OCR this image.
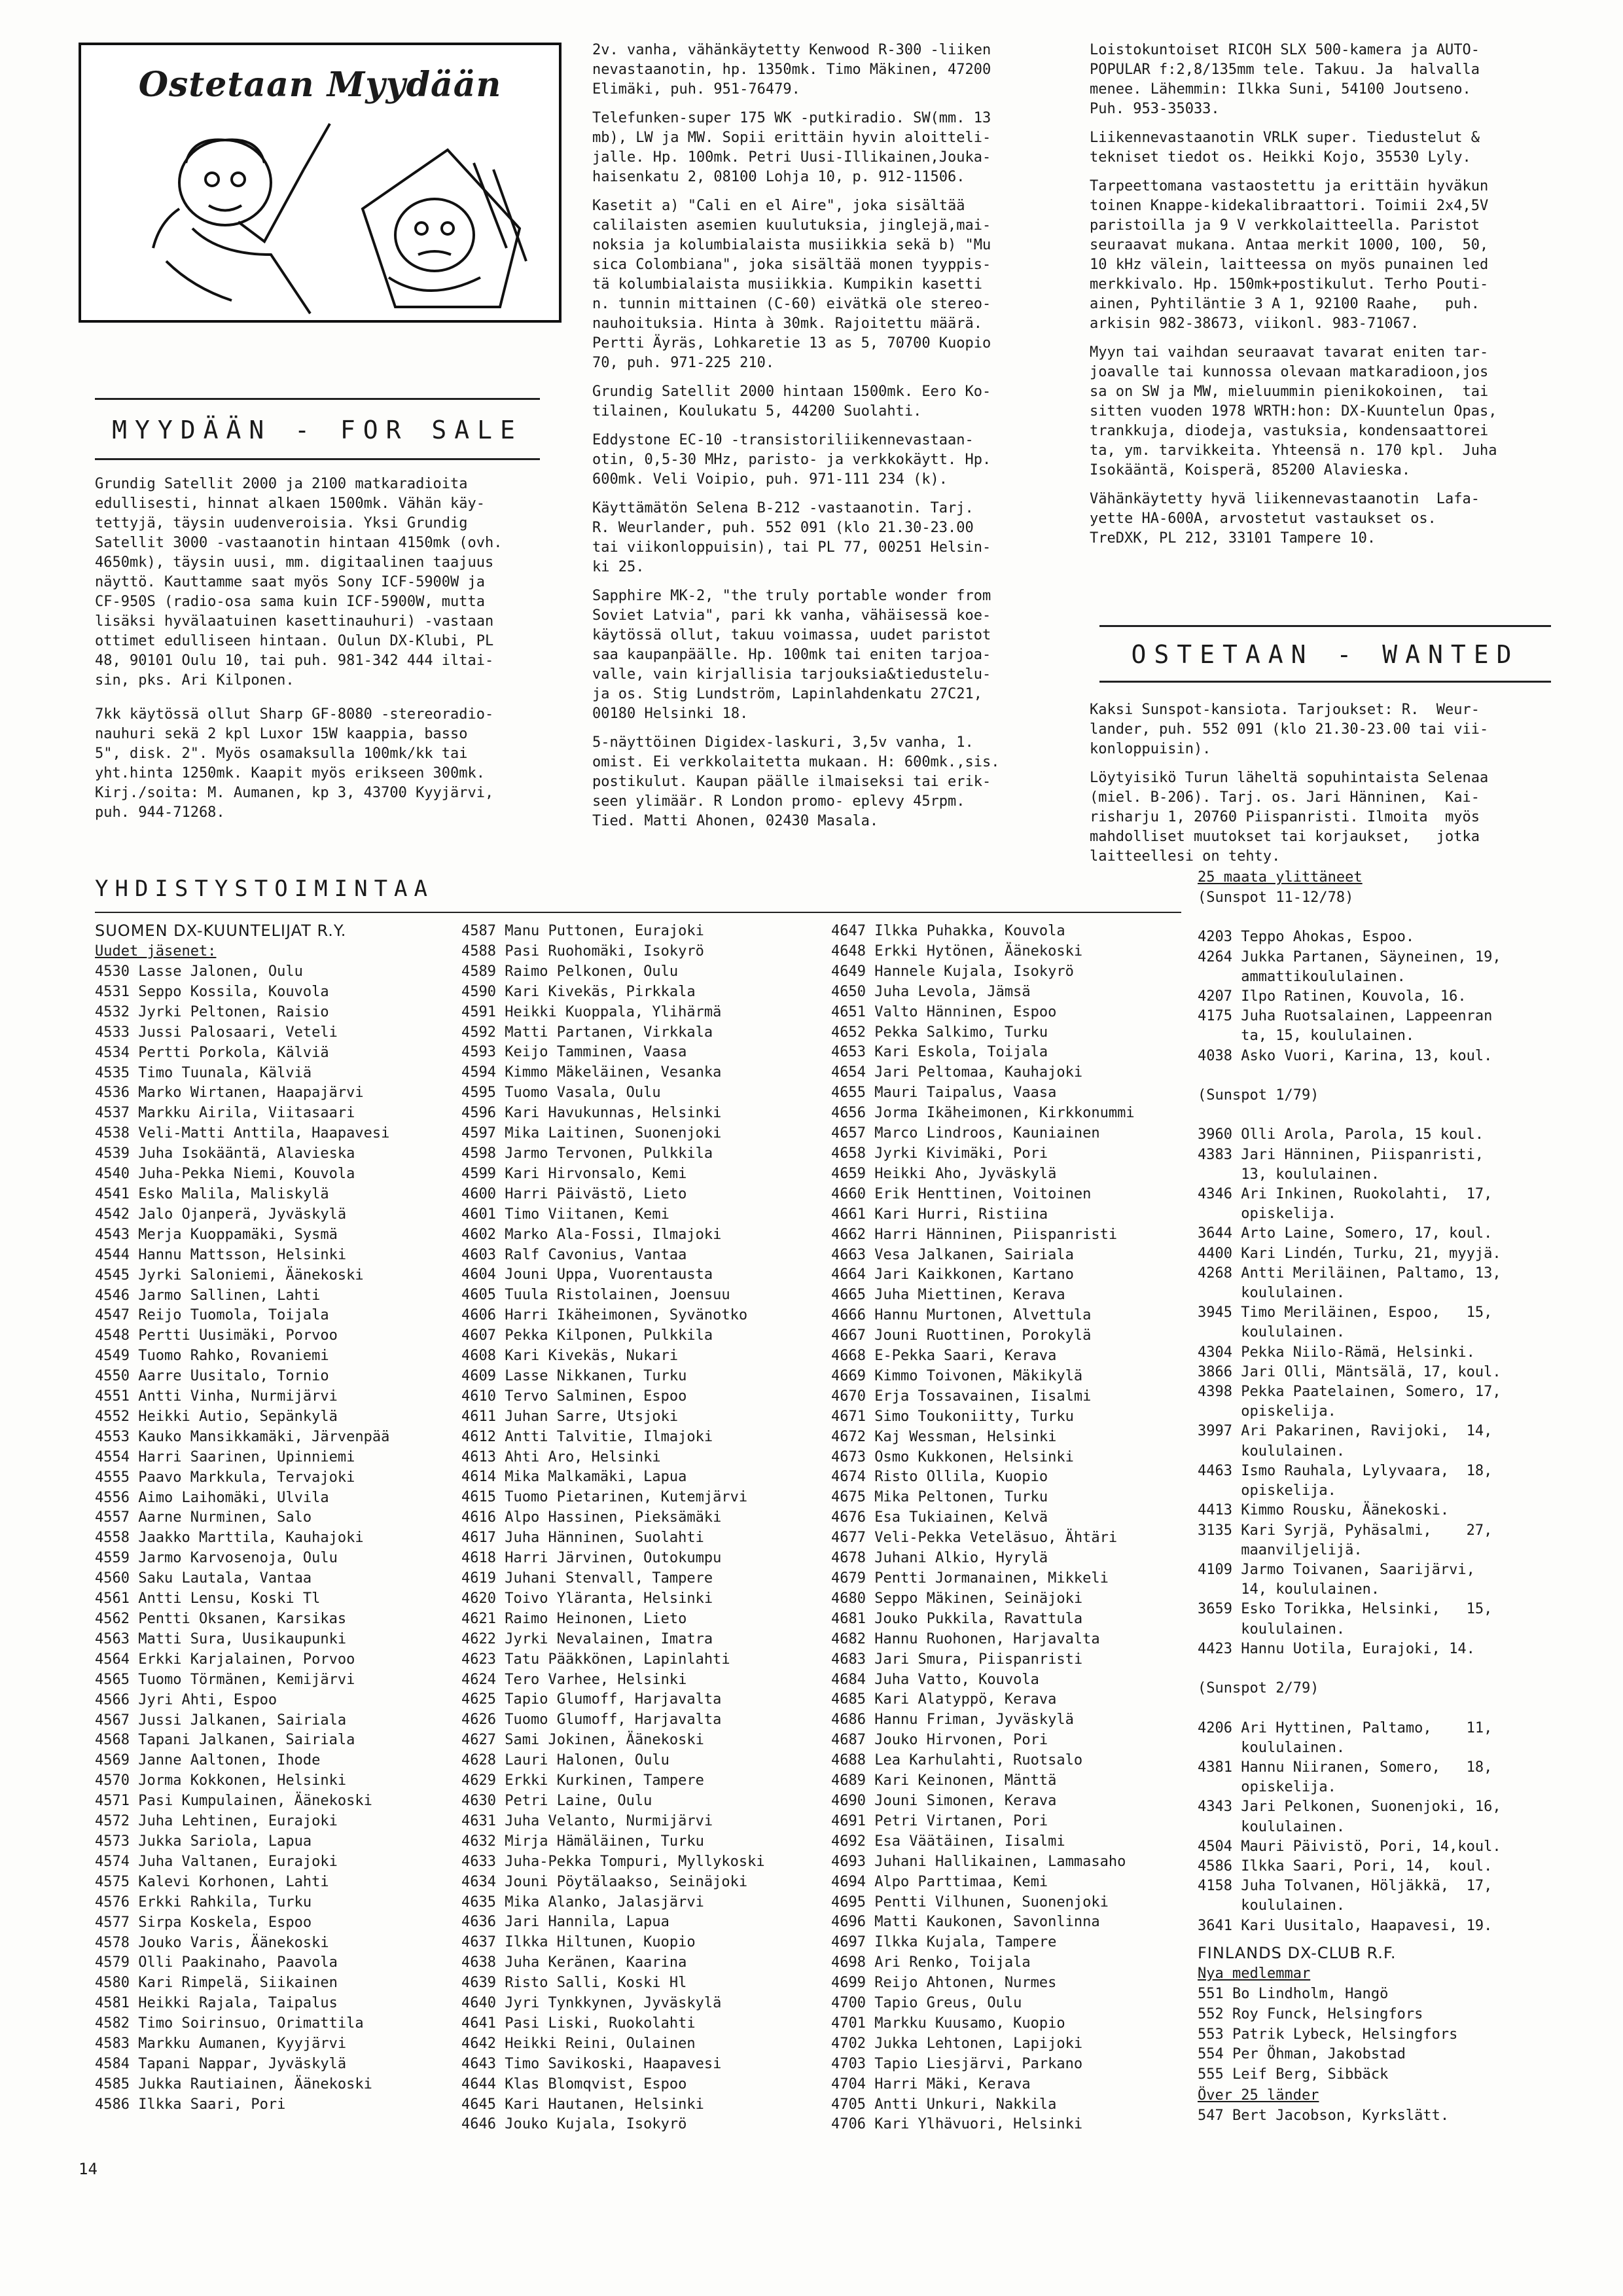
Ostetaan Myydään
MYYDÄÄN - FOR SALE

Grundig Satellit 2000 ja 2100 matkaradioita
edullisesti, hinnat alkaen 1500mk. Vähän käy-
tettyjä, täysin uudenveroisia. Yksi Grundig
Satellit 3000 -vastaanotin hintaan 4150mk (ovh.
4650mk), täysin uusi, mm. digitaalinen taajuus
näyttö. Kauttamme saat myös Sony ICF-5900W ja
CF-950S (radio-osa sama kuin ICF-5900W, mutta
lisäksi hyvälaatuinen kasettinauhuri) -vastaan
ottimet edulliseen hintaan. Oulun DX-Klubi, PL
48, 90101 Oulu 10, tai puh. 981-342 444 iltai-
sin, pks. Ari Kilponen.

7kk käytössä ollut Sharp GF-8080 -stereoradio-
nauhuri sekä 2 kpl Luxor 15W kaappia, basso
5", disk. 2". Myös osamaksulla 100mk/kk tai
yht.hinta 1250mk. Kaapit myös erikseen 300mk.
Kirj./soita: M. Aumanen, kp 3, 43700 Kyyjärvi,
puh. 944-71268.

2v. vanha, vähänkäytetty Kenwood R-300 -liiken
nevastaanotin, hp. 1350mk. Timo Mäkinen, 47200
Elimäki, puh. 951-76479.

Telefunken-super 175 WK -putkiradio. SW(mm. 13
mb), LW ja MW. Sopii erittäin hyvin aloitteli-
jalle. Hp. 100mk. Petri Uusi-Illikainen,Jouka-
haisenkatu 2, 08100 Lohja 10, p. 912-11506.

Kasetit a) "Cali en el Aire", joka sisältää
calilaisten asemien kuulutuksia, jinglejä,mai-
noksia ja kolumbialaista musiikkia sekä b) "Mu
sica Colombiana", joka sisältää monen tyyppis-
tä kolumbialaista musiikkia. Kumpikin kasetti
n. tunnin mittainen (C-60) eivätkä ole stereo-
nauhoituksia. Hinta à 30mk. Rajoitettu määrä.
Pertti Äyräs, Lohkaretie 13 as 5, 70700 Kuopio
70, puh. 971-225 210.

Grundig Satellit 2000 hintaan 1500mk. Eero Ko-
tilainen, Koulukatu 5, 44200 Suolahti.

Eddystone EC-10 -transistoriliikennevastaan-
otin, 0,5-30 MHz, paristo- ja verkkokäytt. Hp.
600mk. Veli Voipio, puh. 971-111 234 (k).

Käyttämätön Selena B-212 -vastaanotin. Tarj.
R. Weurlander, puh. 552 091 (klo 21.30-23.00
tai viikonloppuisin), tai PL 77, 00251 Helsin-
ki 25.

Sapphire MK-2, "the truly portable wonder from
Soviet Latvia", pari kk vanha, vähäisessä koe-
käytössä ollut, takuu voimassa, uudet paristot
saa kaupanpäälle. Hp. 100mk tai eniten tarjoa-
valle, vain kirjallisia tarjouksia&tiedustelu-
ja os. Stig Lundström, Lapinlahdenkatu 27C21,
00180 Helsinki 18.

5-näyttöinen Digidex-laskuri, 3,5v vanha, 1.
omist. Ei verkkolaitetta mukaan. H: 600mk.,sis.
postikulut. Kaupan päälle ilmaiseksi tai erik-
seen ylimäär. R London promo- eplevy 45rpm.
Tied. Matti Ahonen, 02430 Masala.

Loistokuntoiset RICOH SLX 500-kamera ja AUTO-
POPULAR f:2,8/135mm tele. Takuu. Ja  halvalla
menee. Lähemmin: Ilkka Suni, 54100 Joutseno.
Puh. 953-35033.

Liikennevastaanotin VRLK super. Tiedustelut &
tekniset tiedot os. Heikki Kojo, 35530 Lyly.

Tarpeettomana vastaostettu ja erittäin hyväkun
toinen Knappe-kidekalibraattori. Toimii 2x4,5V
paristoilla ja 9 V verkkolaitteella. Paristot
seuraavat mukana. Antaa merkit 1000, 100,  50,
10 kHz välein, laitteessa on myös punainen led
merkkivalo. Hp. 150mk+postikulut. Terho Pouti-
ainen, Pyhtiläntie 3 A 1, 92100 Raahe,   puh.
arkisin 982-38673, viikonl. 983-71067.

Myyn tai vaihdan seuraavat tavarat eniten tar-
joavalle tai kunnossa olevaan matkaradioon,jos
sa on SW ja MW, mieluummin pienikokoinen,  tai
sitten vuoden 1978 WRTH:hon: DX-Kuuntelun Opas,
trankkuja, diodeja, vastuksia, kondensaattorei
ta, ym. tarvikkeita. Yhteensä n. 170 kpl.  Juha
Isokääntä, Koisperä, 85200 Alavieska.

Vähänkäytetty hyvä liikennevastaanotin  Lafa-
yette HA-600A, arvostetut vastaukset os.
TreDXK, PL 212, 33101 Tampere 10.

OSTETAAN - WANTED

Kaksi Sunspot-kansiota. Tarjoukset: R.  Weur-
lander, puh. 552 091 (klo 21.30-23.00 tai vii-
konloppuisin).

Löytyisikö Turun läheltä sopuhintaista Selenaa
(miel. B-206). Tarj. os. Jari Hänninen,  Kai-
risharju 1, 20760 Piispanristi. Ilmoita  myös
mahdolliset muutokset tai korjaukset,   jotka
laitteellesi on tehty.

YHDISTYSTOIMINTAA

SUOMEN DX-KUUNTELIJAT R.Y.

Uudet jäsenet:

4530 Lasse Jalonen, Oulu
4531 Seppo Kossila, Kouvola
4532 Jyrki Peltonen, Raisio
4533 Jussi Palosaari, Veteli
4534 Pertti Porkola, Kälviä
4535 Timo Tuunala, Kälviä
4536 Marko Wirtanen, Haapajärvi
4537 Markku Airila, Viitasaari
4538 Veli-Matti Anttila, Haapavesi
4539 Juha Isokääntä, Alavieska
4540 Juha-Pekka Niemi, Kouvola
4541 Esko Malila, Maliskylä
4542 Jalo Ojanperä, Jyväskylä
4543 Merja Kuoppamäki, Sysmä
4544 Hannu Mattsson, Helsinki
4545 Jyrki Saloniemi, Äänekoski
4546 Jarmo Sallinen, Lahti
4547 Reijo Tuomola, Toijala
4548 Pertti Uusimäki, Porvoo
4549 Tuomo Rahko, Rovaniemi
4550 Aarre Uusitalo, Tornio
4551 Antti Vinha, Nurmijärvi
4552 Heikki Autio, Sepänkylä
4553 Kauko Mansikkamäki, Järvenpää
4554 Harri Saarinen, Upinniemi
4555 Paavo Markkula, Tervajoki
4556 Aimo Laihomäki, Ulvila
4557 Aarne Nurminen, Salo
4558 Jaakko Marttila, Kauhajoki
4559 Jarmo Karvosenoja, Oulu
4560 Saku Lautala, Vantaa
4561 Antti Lensu, Koski Tl
4562 Pentti Oksanen, Karsikas
4563 Matti Sura, Uusikaupunki
4564 Erkki Karjalainen, Porvoo
4565 Tuomo Törmänen, Kemijärvi
4566 Jyri Ahti, Espoo
4567 Jussi Jalkanen, Sairiala
4568 Tapani Jalkanen, Sairiala
4569 Janne Aaltonen, Ihode
4570 Jorma Kokkonen, Helsinki
4571 Pasi Kumpulainen, Äänekoski
4572 Juha Lehtinen, Eurajoki
4573 Jukka Sariola, Lapua
4574 Juha Valtanen, Eurajoki
4575 Kalevi Korhonen, Lahti
4576 Erkki Rahkila, Turku
4577 Sirpa Koskela, Espoo
4578 Jouko Varis, Äänekoski
4579 Olli Paakinaho, Paavola
4580 Kari Rimpelä, Siikainen
4581 Heikki Rajala, Taipalus
4582 Timo Soirinsuo, Orimattila
4583 Markku Aumanen, Kyyjärvi
4584 Tapani Nappar, Jyväskylä
4585 Jukka Rautiainen, Äänekoski
4586 Ilkka Saari, Pori
4587 Manu Puttonen, Eurajoki
4588 Pasi Ruohomäki, Isokyrö
4589 Raimo Pelkonen, Oulu
4590 Kari Kivekäs, Pirkkala
4591 Heikki Kuoppala, Ylihärmä
4592 Matti Partanen, Virkkala
4593 Keijo Tamminen, Vaasa
4594 Kimmo Mäkeläinen, Vesanka
4595 Tuomo Vasala, Oulu
4596 Kari Havukunnas, Helsinki
4597 Mika Laitinen, Suonenjoki
4598 Jarmo Tervonen, Pulkkila
4599 Kari Hirvonsalo, Kemi
4600 Harri Päivästö, Lieto
4601 Timo Viitanen, Kemi
4602 Marko Ala-Fossi, Ilmajoki
4603 Ralf Cavonius, Vantaa
4604 Jouni Uppa, Vuorentausta
4605 Tuula Ristolainen, Joensuu
4606 Harri Ikäheimonen, Syvänotko
4607 Pekka Kilponen, Pulkkila
4608 Kari Kivekäs, Nukari
4609 Lasse Nikkanen, Turku
4610 Tervo Salminen, Espoo
4611 Juhan Sarre, Utsjoki
4612 Antti Talvitie, Ilmajoki
4613 Ahti Aro, Helsinki
4614 Mika Malkamäki, Lapua
4615 Tuomo Pietarinen, Kutemjärvi
4616 Alpo Hassinen, Pieksämäki
4617 Juha Hänninen, Suolahti
4618 Harri Järvinen, Outokumpu
4619 Juhani Stenvall, Tampere
4620 Toivo Yläranta, Helsinki
4621 Raimo Heinonen, Lieto
4622 Jyrki Nevalainen, Imatra
4623 Tatu Pääkkönen, Lapinlahti
4624 Tero Varhee, Helsinki
4625 Tapio Glumoff, Harjavalta
4626 Tuomo Glumoff, Harjavalta
4627 Sami Jokinen, Äänekoski
4628 Lauri Halonen, Oulu
4629 Erkki Kurkinen, Tampere
4630 Petri Laine, Oulu
4631 Juha Velanto, Nurmijärvi
4632 Mirja Hämäläinen, Turku
4633 Juha-Pekka Tompuri, Myllykoski
4634 Jouni Pöytälaakso, Seinäjoki
4635 Mika Alanko, Jalasjärvi
4636 Jari Hannila, Lapua
4637 Ilkka Hiltunen, Kuopio
4638 Juha Keränen, Kaarina
4639 Risto Salli, Koski Hl
4640 Jyri Tynkkynen, Jyväskylä
4641 Pasi Liski, Ruokolahti
4642 Heikki Reini, Oulainen
4643 Timo Savikoski, Haapavesi
4644 Klas Blomqvist, Espoo
4645 Kari Hautanen, Helsinki
4646 Jouko Kujala, Isokyrö
4647 Ilkka Puhakka, Kouvola
4648 Erkki Hytönen, Äänekoski
4649 Hannele Kujala, Isokyrö
4650 Juha Levola, Jämsä
4651 Valto Hänninen, Espoo
4652 Pekka Salkimo, Turku
4653 Kari Eskola, Toijala
4654 Jari Peltomaa, Kauhajoki
4655 Mauri Taipalus, Vaasa
4656 Jorma Ikäheimonen, Kirkkonummi
4657 Marco Lindroos, Kauniainen
4658 Jyrki Kivimäki, Pori
4659 Heikki Aho, Jyväskylä
4660 Erik Henttinen, Voitoinen
4661 Kari Hurri, Ristiina
4662 Harri Hänninen, Piispanristi
4663 Vesa Jalkanen, Sairiala
4664 Jari Kaikkonen, Kartano
4665 Juha Miettinen, Kerava
4666 Hannu Murtonen, Alvettula
4667 Jouni Ruottinen, Porokylä
4668 E-Pekka Saari, Kerava
4669 Kimmo Toivonen, Mäkikylä
4670 Erja Tossavainen, Iisalmi
4671 Simo Toukoniitty, Turku
4672 Kaj Wessman, Helsinki
4673 Osmo Kukkonen, Helsinki
4674 Risto Ollila, Kuopio
4675 Mika Peltonen, Turku
4676 Esa Tukiainen, Kelvä
4677 Veli-Pekka Veteläsuo, Ähtäri
4678 Juhani Alkio, Hyrylä
4679 Pentti Jormanainen, Mikkeli
4680 Seppo Mäkinen, Seinäjoki
4681 Jouko Pukkila, Ravattula
4682 Hannu Ruohonen, Harjavalta
4683 Jari Smura, Piispanristi
4684 Juha Vatto, Kouvola
4685 Kari Alatyppö, Kerava
4686 Hannu Friman, Jyväskylä
4687 Jouko Hirvonen, Pori
4688 Lea Karhulahti, Ruotsalo
4689 Kari Keinonen, Mänttä
4690 Jouni Simonen, Kerava
4691 Petri Virtanen, Pori
4692 Esa Väätäinen, Iisalmi
4693 Juhani Hallikainen, Lammasaho
4694 Alpo Parttimaa, Kemi
4695 Pentti Vilhunen, Suonenjoki
4696 Matti Kaukonen, Savonlinna
4697 Ilkka Kujala, Tampere
4698 Ari Renko, Toijala
4699 Reijo Ahtonen, Nurmes
4700 Tapio Greus, Oulu
4701 Markku Kuusamo, Kuopio
4702 Jukka Lehtonen, Lapijoki
4703 Tapio Liesjärvi, Parkano
4704 Harri Mäki, Kerava
4705 Antti Unkuri, Nakkila
4706 Kari Ylhävuori, Helsinki

25 maata ylittäneet

(Sunspot 11-12/78)

4203 Teppo Ahokas, Espoo.
4264 Jukka Partanen, Säyneinen, 19,
ammattikoululainen.
4207 Ilpo Ratinen, Kouvola, 16.
4175 Juha Ruotsalainen, Lappeenran
ta, 15, koululainen.
4038 Asko Vuori, Karina, 13, koul.

(Sunspot 1/79)

3960 Olli Arola, Parola, 15 koul.
4383 Jari Hänninen, Piispanristi,
13, koululainen.
4346 Ari Inkinen, Ruokolahti,  17,
opiskelija.
3644 Arto Laine, Somero, 17, koul.
4400 Kari Lindén, Turku, 21, myyjä.
4268 Antti Meriläinen, Paltamo, 13,
koululainen.
3945 Timo Meriläinen, Espoo,   15,
koululainen.
4304 Pekka Niilo-Rämä, Helsinki.
3866 Jari Olli, Mäntsälä, 17, koul.
4398 Pekka Paatelainen, Somero, 17,
opiskelija.
3997 Ari Pakarinen, Ravijoki,  14,
koululainen.
4463 Ismo Rauhala, Lylyvaara,  18,
opiskelija.
4413 Kimmo Rousku, Äänekoski.
3135 Kari Syrjä, Pyhäsalmi,    27,
maanviljelijä.
4109 Jarmo Toivanen, Saarijärvi,
14, koululainen.
3659 Esko Torikka, Helsinki,   15,
koululainen.
4423 Hannu Uotila, Eurajoki, 14.

(Sunspot 2/79)

4206 Ari Hyttinen, Paltamo,    11,
koululainen.
4381 Hannu Niiranen, Somero,   18,
opiskelija.
4343 Jari Pelkonen, Suonenjoki, 16,
koululainen.
4504 Mauri Päivistö, Pori, 14,koul.
4586 Ilkka Saari, Pori, 14,  koul.
4158 Juha Tolvanen, Höljäkkä,  17,
koululainen.
3641 Kari Uusitalo, Haapavesi, 19.

FINLANDS DX-CLUB R.F.

Nya medlemmar

551 Bo Lindholm, Hangö
552 Roy Funck, Helsingfors
553 Patrik Lybeck, Helsingfors
554 Per Öhman, Jakobstad
555 Leif Berg, Sibbäck

Över 25 länder

547 Bert Jacobson, Kyrkslätt.
14
